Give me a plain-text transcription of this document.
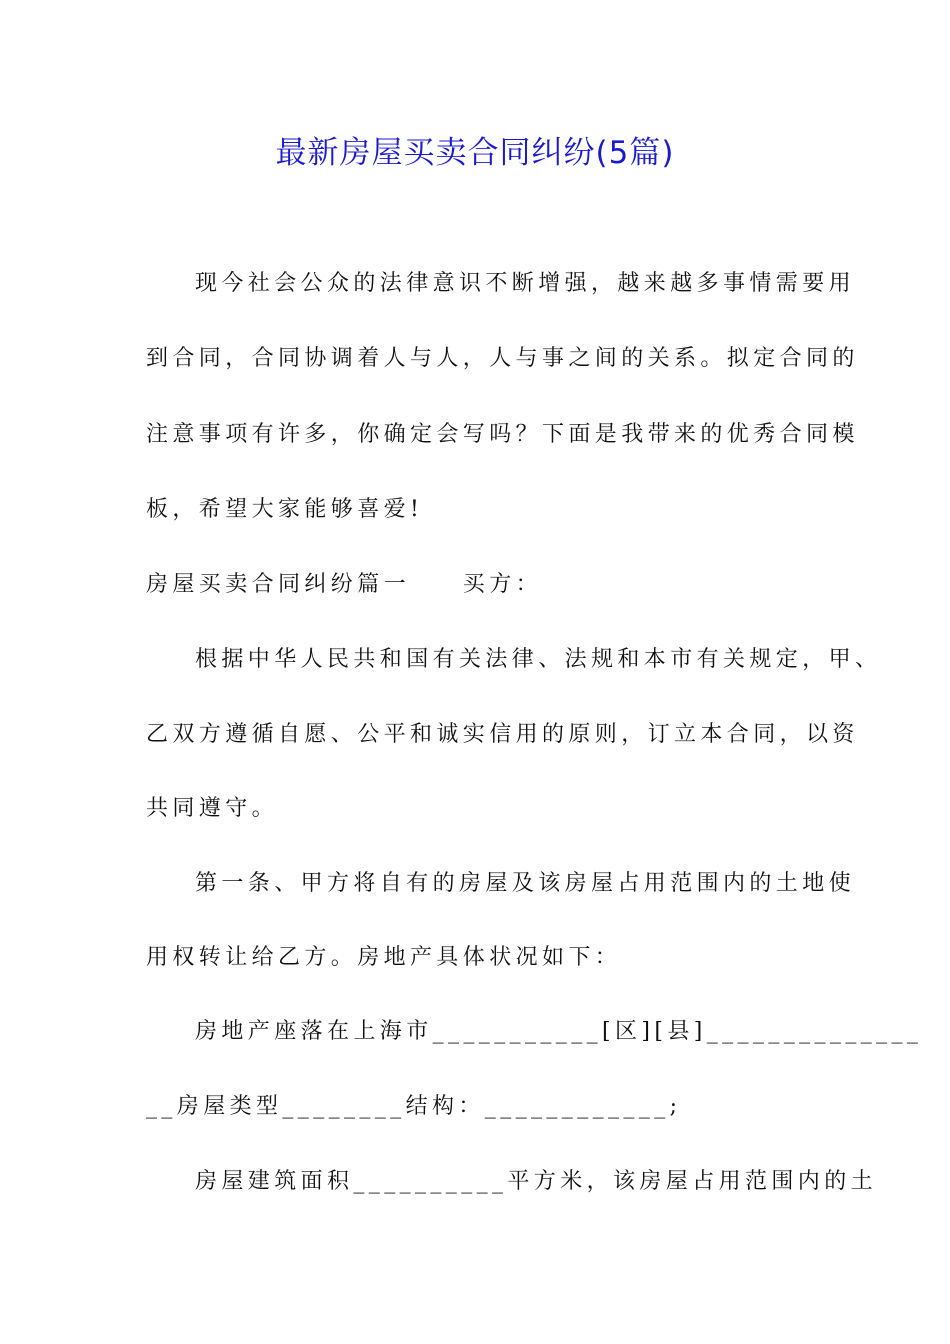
最新房屋买卖合同纠纷(5篇)
现今社会公众的法律意识不断增强，越来越多事情需要用
到合同，合同协调着人与人，人与事之间的关系。拟定合同的
注意事项有许多，你确定会写吗？下面是我带来的优秀合同模
板，希望大家能够喜爱!
房屋买卖合同纠纷篇一　　买方：
根据中华人民共和国有关法律、法规和本市有关规定，甲、
乙双方遵循自愿、公平和诚实信用的原则，订立本合同，以资
共同遵守。
第一条、甲方将自有的房屋及该房屋占用范围内的土地使
用权转让给乙方。房地产具体状况如下：
房地产座落在上海市___________[区][县]______________
__房屋类型________结构：____________;
房屋建筑面积__________平方米，该房屋占用范围内的土
